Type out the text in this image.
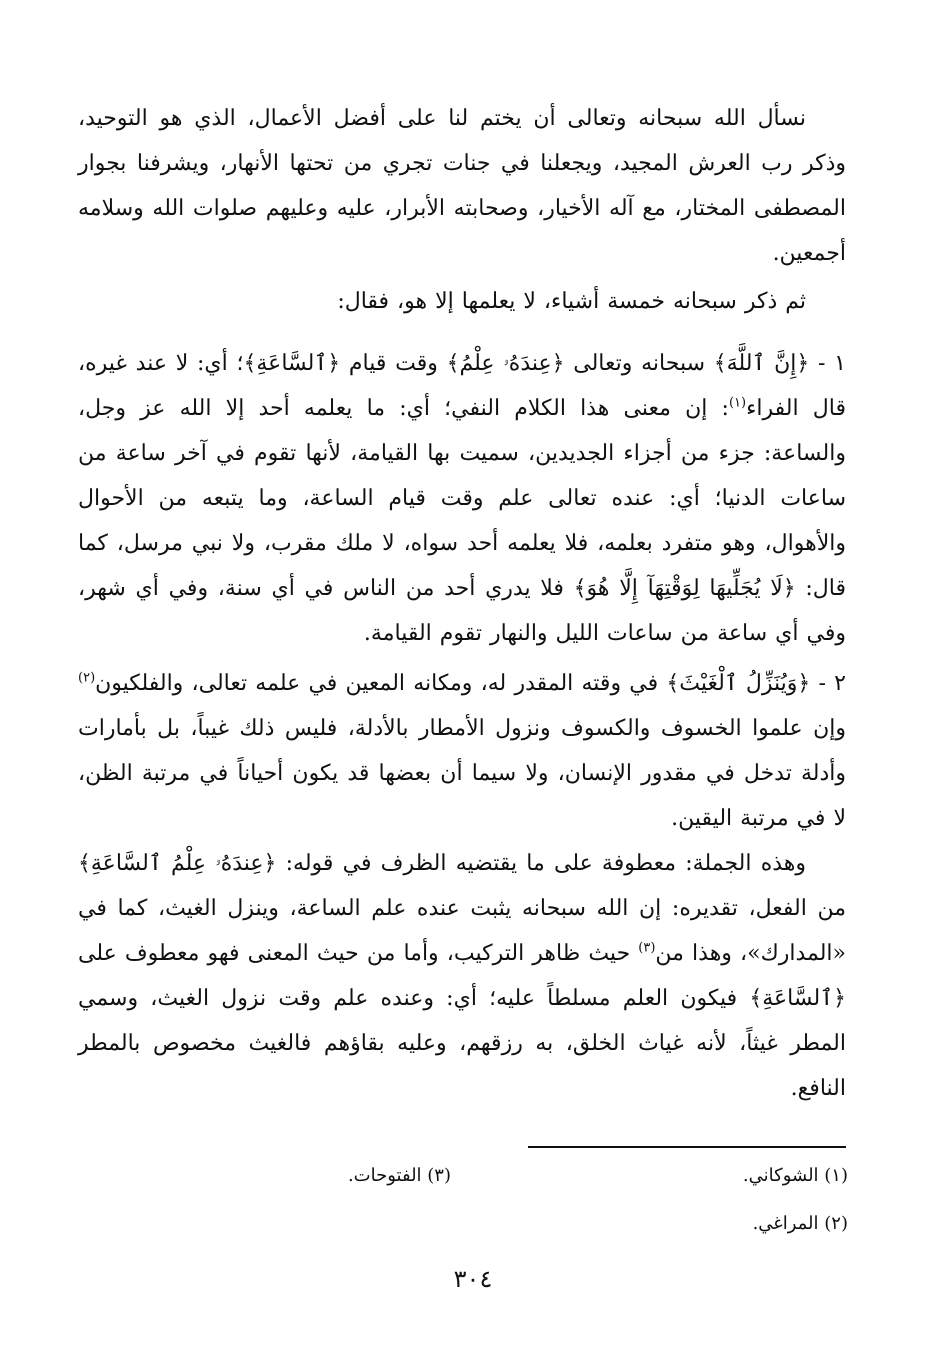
نسأل الله سبحانه وتعالى أن يختم لنا على أفضل الأعمال، الذي هو التوحيد، وذكر رب العرش المجيد، ويجعلنا في جنات تجري من تحتها الأنهار، ويشرفنا بجوار المصطفى المختار، مع آله الأخيار، وصحابته الأبرار، عليه وعليهم صلوات الله وسلامه أجمعين.

ثم ذكر سبحانه خمسة أشياء، لا يعلمها إلا هو، فقال:

١ - ﴿إِنَّ ٱللَّهَ﴾ سبحانه وتعالى ﴿عِندَهُۥ عِلْمُ﴾ وقت قيام ﴿ٱلسَّاعَةِ﴾؛ أي: لا عند غيره، قال الفراء$^{(١)}$: إن معنى هذا الكلام النفي؛ أي: ما يعلمه أحد إلا الله عز وجل، والساعة: جزء من أجزاء الجديدين، سميت بها القيامة، لأنها تقوم في آخر ساعة من ساعات الدنيا؛ أي: عنده تعالى علم وقت قيام الساعة، وما يتبعه من الأحوال والأهوال، وهو متفرد بعلمه، فلا يعلمه أحد سواه، لا ملك مقرب، ولا نبي مرسل، كما قال: ﴿لَا يُجَلِّيهَا لِوَقْتِهَآ إِلَّا هُوَ﴾ فلا يدري أحد من الناس في أي سنة، وفي أي شهر، وفي أي ساعة من ساعات الليل والنهار تقوم القيامة.

٢ - ﴿وَيُنَزِّلُ ٱلْغَيْثَ﴾ في وقته المقدر له، ومكانه المعين في علمه تعالى، والفلكيون$^{(٢)}$ وإن علموا الخسوف والكسوف ونزول الأمطار بالأدلة، فليس ذلك غيباً، بل بأمارات وأدلة تدخل في مقدور الإنسان، ولا سيما أن بعضها قد يكون أحياناً في مرتبة الظن، لا في مرتبة اليقين.

وهذه الجملة: معطوفة على ما يقتضيه الظرف في قوله: ﴿عِندَهُۥ عِلْمُ ٱلسَّاعَةِ﴾ من الفعل، تقديره: إن الله سبحانه يثبت عنده علم الساعة، وينزل الغيث، كما في «المدارك»، وهذا من$^{(٣)}$ حيث ظاهر التركيب، وأما من حيث المعنى فهو معطوف على ﴿ٱلسَّاعَةِ﴾ فيكون العلم مسلطاً عليه؛ أي: وعنده علم وقت نزول الغيث، وسمي المطر غيثاً، لأنه غياث الخلق، به رزقهم، وعليه بقاؤهم فالغيث مخصوص بالمطر النافع.

(١) الشوكاني.
(٣) الفتوحات.
(٢) المراغي.
٣٠٤
